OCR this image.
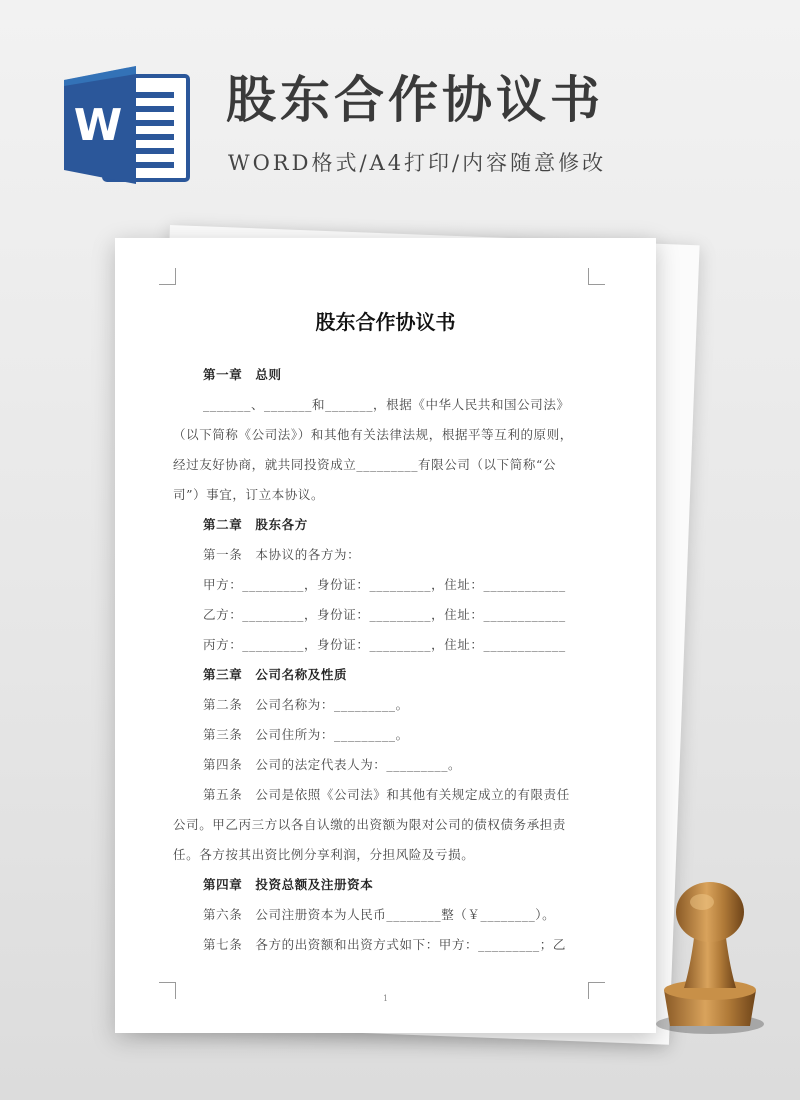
W 股东合作协议书

WORD格式/A4打印/内容随意修改

股东合作协议书
第一章　总则
_______、_______和_______，根据《中华人民共和国公司法》
（以下简称《公司法》）和其他有关法律法规，根据平等互利的原则，
经过友好协商，就共同投资成立_________有限公司（以下简称“公
司”）事宜，订立本协议。
第二章　股东各方
第一条　本协议的各方为：
甲方：_________，身份证：_________，住址：____________
乙方：_________，身份证：_________，住址：____________
丙方：_________，身份证：_________，住址：____________
第三章　公司名称及性质
第二条　公司名称为：_________。
第三条　公司住所为：_________。
第四条　公司的法定代表人为：_________。
第五条　公司是依照《公司法》和其他有关规定成立的有限责任
公司。甲乙丙三方以各自认缴的出资额为限对公司的债权债务承担责
任。各方按其出资比例分享利润，分担风险及亏损。
第四章　投资总额及注册资本
第六条　公司注册资本为人民币________整（￥________）。
第七条　各方的出资额和出资方式如下：甲方：_________；乙
1
